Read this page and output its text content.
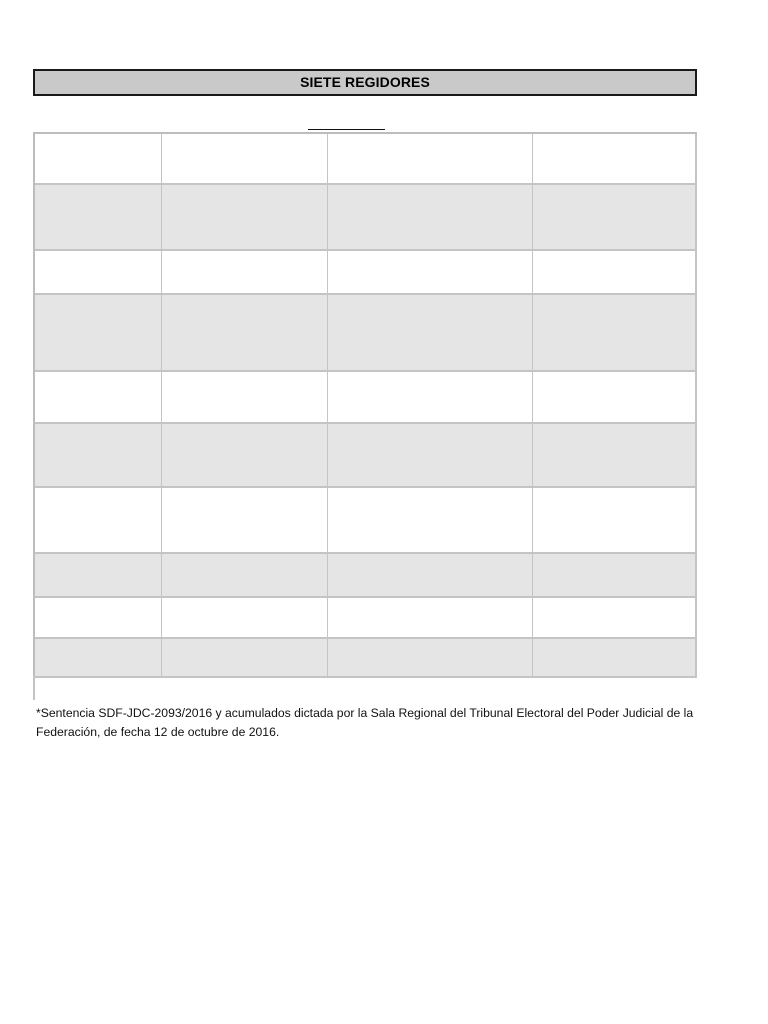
SIETE REGIDORES
*Sentencia SDF-JDC-2093/2016 y acumulados dictada por la Sala Regional del Tribunal Electoral del Poder Judicial de la Federación, de fecha 12 de octubre de 2016.
